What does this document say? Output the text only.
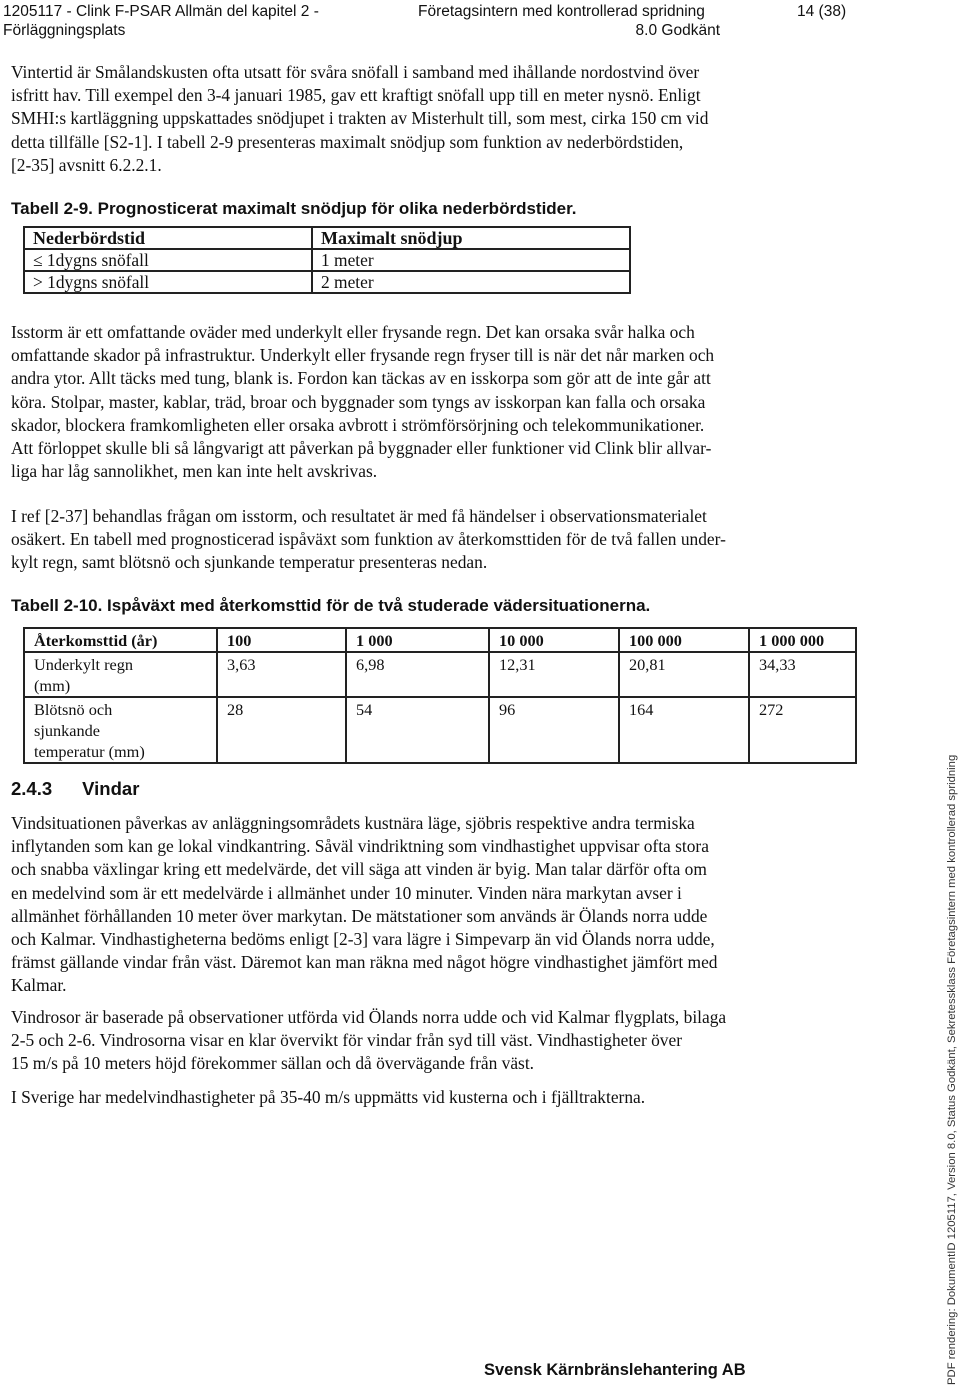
1205117 - Clink F-PSAR Allmän del kapitel 2 -
Förläggningsplats
Företagsintern med kontrollerad spridning
8.0 Godkänt
14 (38)
Vintertid är Smålandskusten ofta utsatt för svåra snöfall i samband med ihållande nordostvind över
isfritt hav. Till exempel den 3-4 januari 1985, gav ett kraftigt snöfall upp till en meter nysnö. Enligt
SMHI:s kartläggning uppskattades snödjupet i trakten av Misterhult till, som mest, cirka 150 cm vid
detta tillfälle [S2-1]. I tabell 2-9 presenteras maximalt snödjup som funktion av nederbördstiden,
[2-35] avsnitt 6.2.2.1.
Tabell 2-9. Prognosticerat maximalt snödjup för olika nederbördstider.
Nederbördstid	Maximalt snödjup
≤ 1dygns snöfall	1 meter
> 1dygns snöfall	2 meter
Isstorm är ett omfattande oväder med underkylt eller frysande regn. Det kan orsaka svår halka och
omfattande skador på infrastruktur. Underkylt eller frysande regn fryser till is när det når marken och
andra ytor. Allt täcks med tung, blank is. Fordon kan täckas av en isskorpa som gör att de inte går att
köra. Stolpar, master, kablar, träd, broar och byggnader som tyngs av isskorpan kan falla och orsaka
skador, blockera framkomligheten eller orsaka avbrott i strömförsörjning och telekommunikationer.
Att förloppet skulle bli så långvarigt att påverkan på byggnader eller funktioner vid Clink blir allvar-
liga har låg sannolikhet, men kan inte helt avskrivas.
I ref [2-37] behandlas frågan om isstorm, och resultatet är med få händelser i observationsmaterialet
osäkert. En tabell med prognosticerad ispåväxt som funktion av återkomsttiden för de två fallen under-
kylt regn, samt blötsnö och sjunkande temperatur presenteras nedan.
Tabell 2-10. Ispåväxt med återkomsttid för de två studerade vädersituationerna.
Återkomsttid (år)	100	1 000	10 000	100 000	1 000 000

Underkylt regn
(mm)	3,63	6,98	12,31	20,81	34,33

Blötsnö och
sjunkande
temperatur (mm)	28	54	96	164	272
2.4.3 Vindar
Vindsituationen påverkas av anläggningsområdets kustnära läge, sjöbris respektive andra termiska
inflytanden som kan ge lokal vindkantring. Såväl vindriktning som vindhastighet uppvisar ofta stora
och snabba växlingar kring ett medelvärde, det vill säga att vinden är byig. Man talar därför ofta om
en medelvind som är ett medelvärde i allmänhet under 10 minuter. Vinden nära markytan avser i
allmänhet förhållanden 10 meter över markytan. De mätstationer som används är Ölands norra udde
och Kalmar. Vindhastigheterna bedöms enligt [2-3] vara lägre i Simpevarp än vid Ölands norra udde,
främst gällande vindar från väst. Däremot kan man räkna med något högre vindhastighet jämfört med
Kalmar.
Vindrosor är baserade på observationer utförda vid Ölands norra udde och vid Kalmar flygplats, bilaga
2-5 och 2-6. Vindrosorna visar en klar övervikt för vindar från syd till väst. Vindhastigheter över
15 m/s på 10 meters höjd förekommer sällan och då övervägande från väst.
I Sverige har medelvindhastigheter på 35-40 m/s uppmätts vid kusterna och i fjälltrakterna.
Svensk Kärnbränslehantering AB	PDF rendering: DokumentID 1205117, Version 8.0, Status Godkänt, Sekretessklass Företagsintern med kontrollerad spridning
